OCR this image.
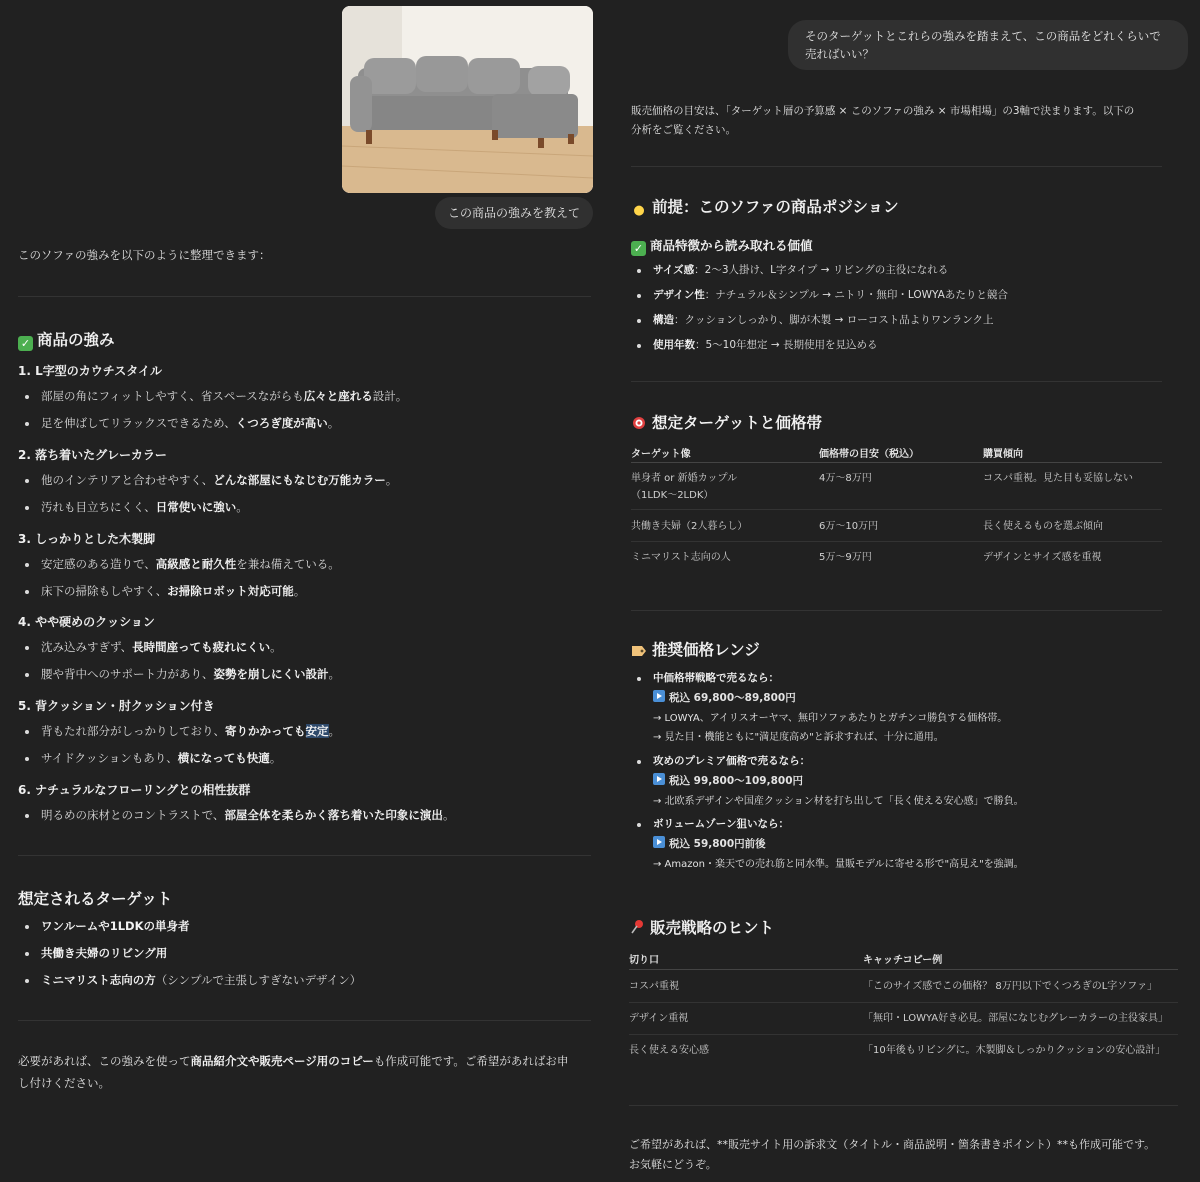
この商品の強みを教えて
このソファの強みを以下のように整理できます：
✓ 商品の強み
1. L字型のカウチスタイル
部屋の角にフィットしやすく、省スペースながらも広々と座れる設計。
足を伸ばしてリラックスできるため、くつろぎ度が高い。
2. 落ち着いたグレーカラー
他のインテリアと合わせやすく、どんな部屋にもなじむ万能カラー。
汚れも目立ちにくく、日常使いに強い。
3. しっかりとした木製脚
安定感のある造りで、高級感と耐久性を兼ね備えている。
床下の掃除もしやすく、お掃除ロボット対応可能。
4. やや硬めのクッション
沈み込みすぎず、長時間座っても疲れにくい。
腰や背中へのサポート力があり、姿勢を崩しにくい設計。
5. 背クッション・肘クッション付き
背もたれ部分がしっかりしており、寄りかかっても安定。
サイドクッションもあり、横になっても快適。
6. ナチュラルなフローリングとの相性抜群
明るめの床材とのコントラストで、部屋全体を柔らかく落ち着いた印象に演出。
想定されるターゲット
ワンルームや1LDKの単身者
共働き夫婦のリビング用
ミニマリスト志向の方（シンプルで主張しすぎないデザイン）
必要があれば、この強みを使って商品紹介文や販売ページ用のコピーも作成可能です。ご希望があればお申
し付けください。
そのターゲットとこれらの強みを踏まえて、この商品をどれくらいで
売ればいい？
販売価格の目安は、「ターゲット層の予算感 × このソファの強み × 市場相場」の3軸で決まります。以下の
分析をご覧ください。
● 前提：このソファの商品ポジション
✓ 商品特徴から読み取れる価値
サイズ感：2〜3人掛け、L字タイプ → リビングの主役になれる
デザイン性：ナチュラル＆シンプル → ニトリ・無印・LOWYAあたりと競合
構造：クッションしっかり、脚が木製 → ローコスト品よりワンランク上
使用年数：5〜10年想定 → 長期使用を見込める
想定ターゲットと価格帯
ターゲット像	価格帯の目安（税込）	購買傾向
単身者 or 新婚カップル（1LDK〜2LDK）
4万〜8万円	コスパ重視。見た目も妥協しない
共働き夫婦（2人暮らし）	6万〜10万円	長く使えるものを選ぶ傾向
ミニマリスト志向の人	5万〜9万円	デザインとサイズ感を重視
推奨価格レンジ
中価格帯戦略で売るなら：
税込 69,800〜89,800円
→ LOWYA、アイリスオーヤマ、無印ソファあたりとガチンコ勝負する価格帯。
→ 見た目・機能ともに"満足度高め"と訴求すれば、十分に通用。
攻めのプレミア価格で売るなら：
税込 99,800〜109,800円
→ 北欧系デザインや国産クッション材を打ち出して「長く使える安心感」で勝負。
ボリュームゾーン狙いなら：
税込 59,800円前後
→ Amazon・楽天での売れ筋と同水準。量販モデルに寄せる形で"高見え"を強調。
販売戦略のヒント
切り口	キャッチコピー例
コスパ重視	「このサイズ感でこの価格？ 8万円以下でくつろぎのL字ソファ」
デザイン重視	「無印・LOWYA好き必見。部屋になじむグレーカラーの主役家具」
長く使える安心感	「10年後もリビングに。木製脚＆しっかりクッションの安心設計」
ご希望があれば、**販売サイト用の訴求文（タイトル・商品説明・箇条書きポイント）**も作成可能です。
お気軽にどうぞ。
